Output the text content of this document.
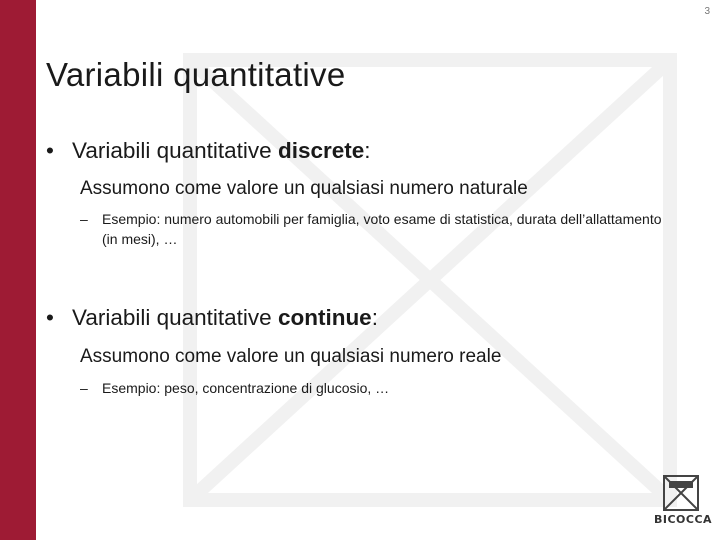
3
Variabili quantitative
• Variabili quantitative discrete:
Assumono come valore un qualsiasi numero naturale
–	Esempio: numero automobili per famiglia, voto esame di statistica, durata dell’allattamento (in mesi), …
• Variabili quantitative continue:
Assumono come valore un qualsiasi numero reale
–	Esempio: peso, concentrazione di glucosio, …
BICOCCA
